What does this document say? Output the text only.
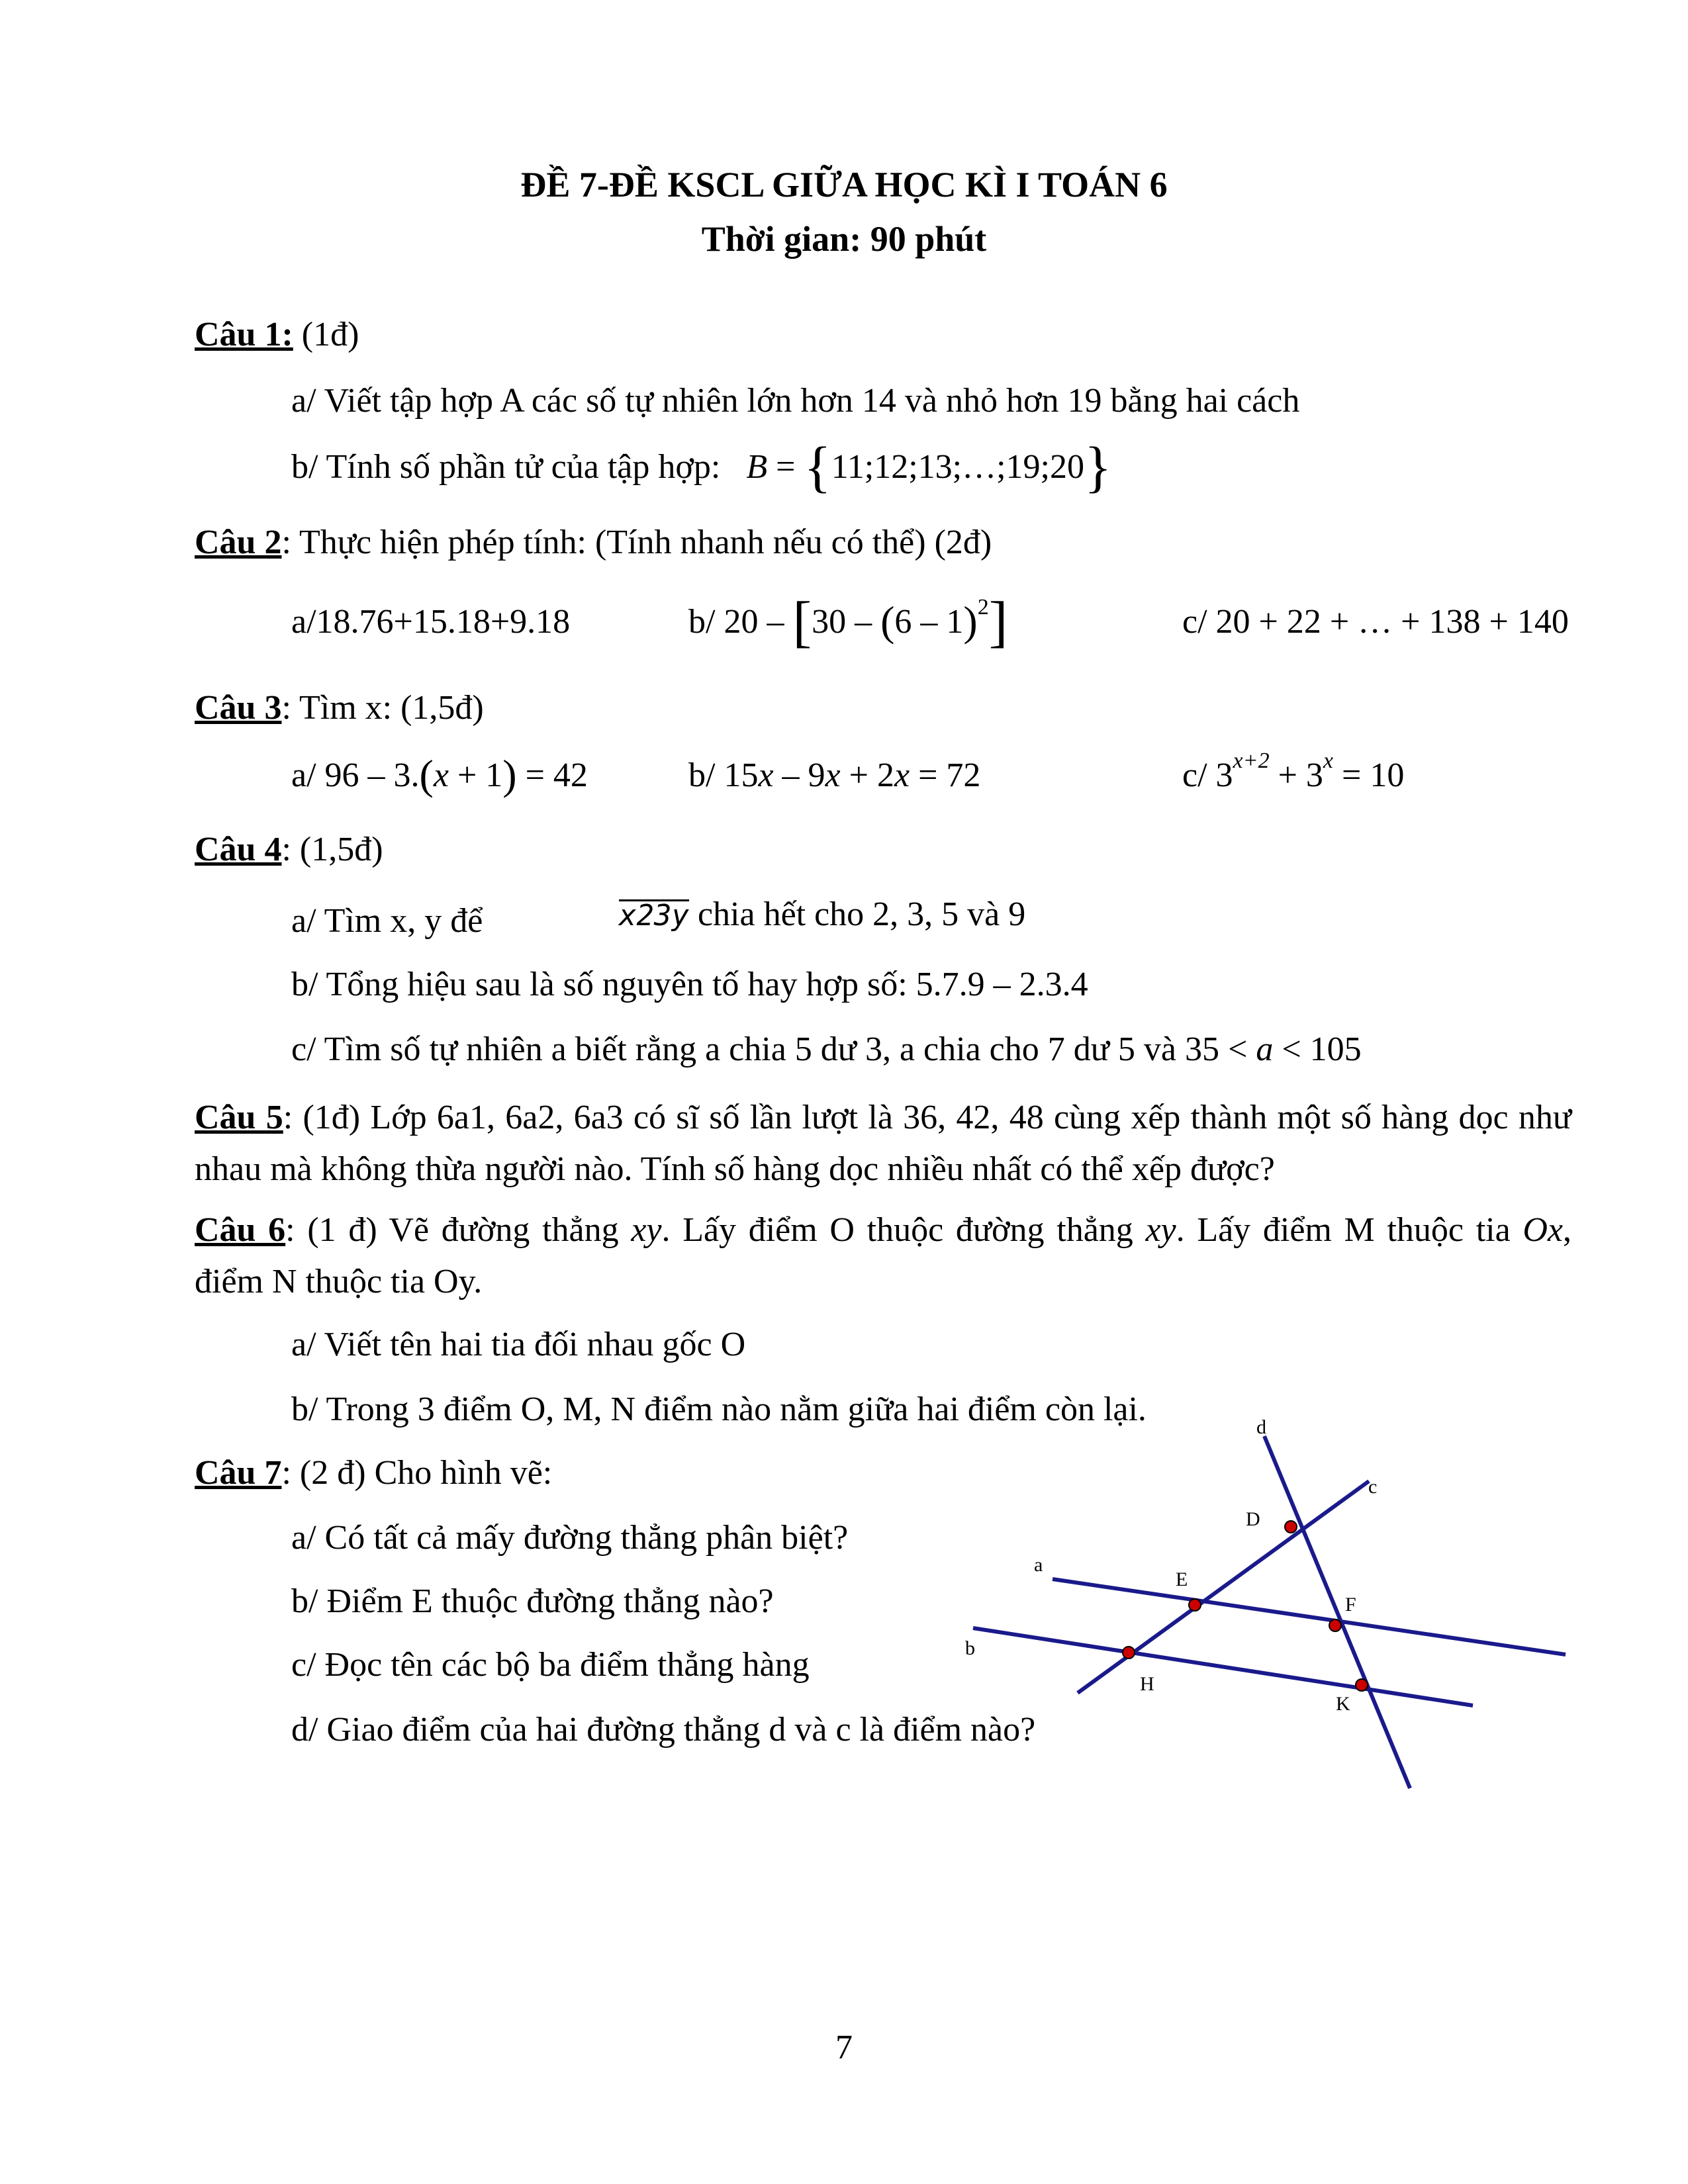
ĐỀ 7-ĐỀ KSCL GIỮA HỌC KÌ I TOÁN 6
Thời gian: 90 phút
Câu 1: (1đ)
a/ Viết tập hợp A các số tự nhiên lớn hơn 14 và nhỏ hơn 19 bằng hai cách
b/ Tính số phần tử của tập hợp: B = {11;12;13;…;19;20}
Câu 2: Thực hiện phép tính: (Tính nhanh nếu có thể) (2đ)
a/18.76+15.18+9.18	b/ 20 – [30 – (6 – 1)$^2$]	c/ 20 + 22 + … + 138 + 140
Câu 3: Tìm x: (1,5đ)
a/ 96 – 3.(x + 1) = 42	b/ 15x – 9x + 2x = 72	c/ $3^{x+2} + 3^x = 10$
Câu 4: (1,5đ)
a/ Tìm x, y để	x23y chia hết cho 2, 3, 5 và 9
b/ Tổng hiệu sau là số nguyên tố hay hợp số: 5.7.9 – 2.3.4
c/ Tìm số tự nhiên a biết rằng a chia 5 dư 3, a chia cho 7 dư 5 và 35 < a < 105
Câu 5: (1đ) Lớp 6a1, 6a2, 6a3 có sĩ số lần lượt là 36, 42, 48 cùng xếp thành một số hàng dọc như nhau mà không thừa người nào. Tính số hàng dọc nhiều nhất có thể xếp được?
Câu 6: (1 đ) Vẽ đường thẳng xy. Lấy điểm O thuộc đường thẳng xy. Lấy điểm M thuộc tia Ox, điểm N thuộc tia Oy.
a/ Viết tên hai tia đối nhau gốc O
b/ Trong 3 điểm O, M, N điểm nào nằm giữa hai điểm còn lại.
Câu 7: (2 đ) Cho hình vẽ:
a/ Có tất cả mấy đường thẳng phân biệt?
b/ Điểm E thuộc đường thẳng nào?
c/ Đọc tên các bộ ba điểm thẳng hàng
d/ Giao điểm của hai đường thẳng d và c là điểm nào?
a
b
c
d
D
E
F
H
K
7
